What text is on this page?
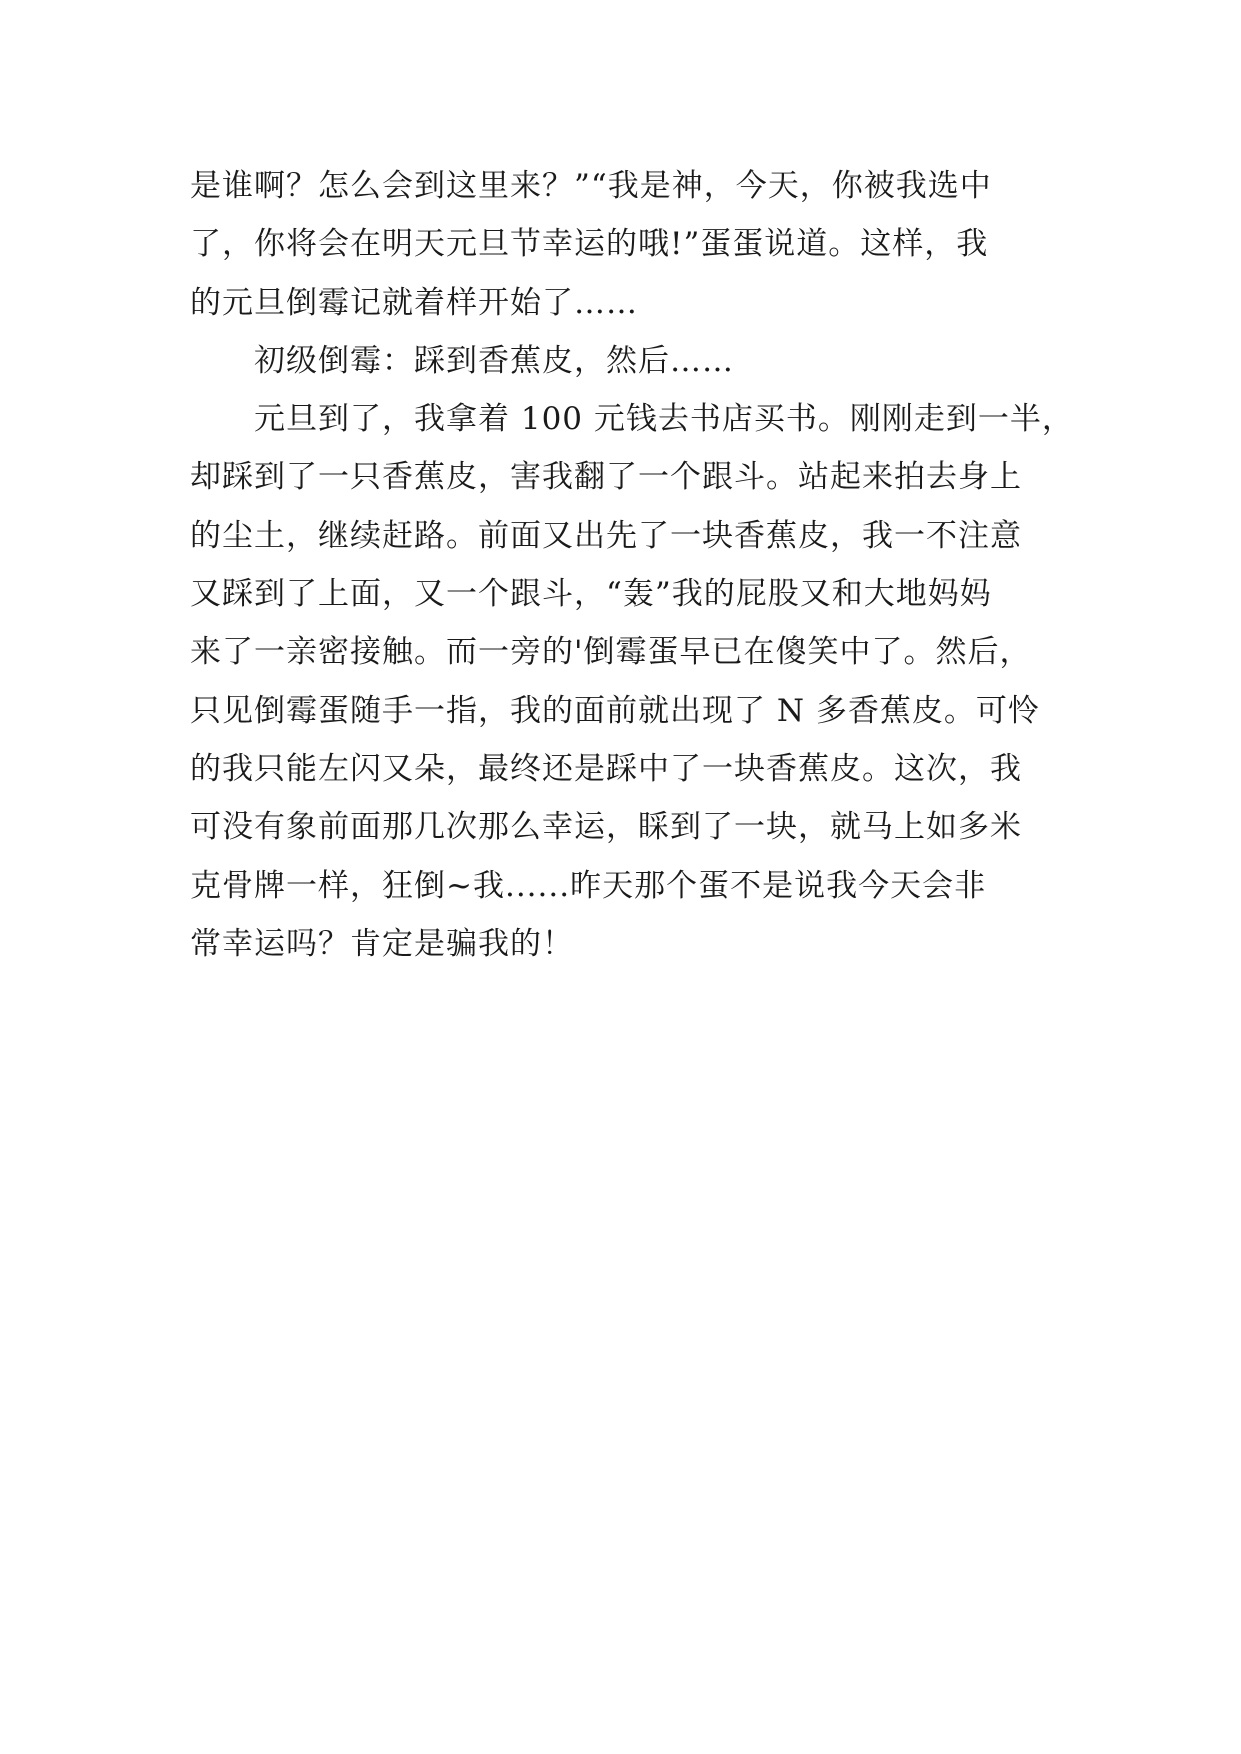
是谁啊？怎么会到这里来？”“我是神，今天，你被我选中
了，你将会在明天元旦节幸运的哦!”蛋蛋说道。这样，我
的元旦倒霉记就着样开始了……
初级倒霉：踩到香蕉皮，然后……
元旦到了，我拿着 100 元钱去书店买书。刚刚走到一半，
却踩到了一只香蕉皮，害我翻了一个跟斗。站起来拍去身上
的尘土，继续赶路。前面又出先了一块香蕉皮，我一不注意
又踩到了上面，又一个跟斗，“轰”我的屁股又和大地妈妈
来了一亲密接触。而一旁的'倒霉蛋早已在傻笑中了。然后，
只见倒霉蛋随手一指，我的面前就出现了 N 多香蕉皮。可怜
的我只能左闪又朵，最终还是踩中了一块香蕉皮。这次，我
可没有象前面那几次那么幸运，睬到了一块，就马上如多米
克骨牌一样，狂倒~我......昨天那个蛋不是说我今天会非
常幸运吗？肯定是骗我的！
